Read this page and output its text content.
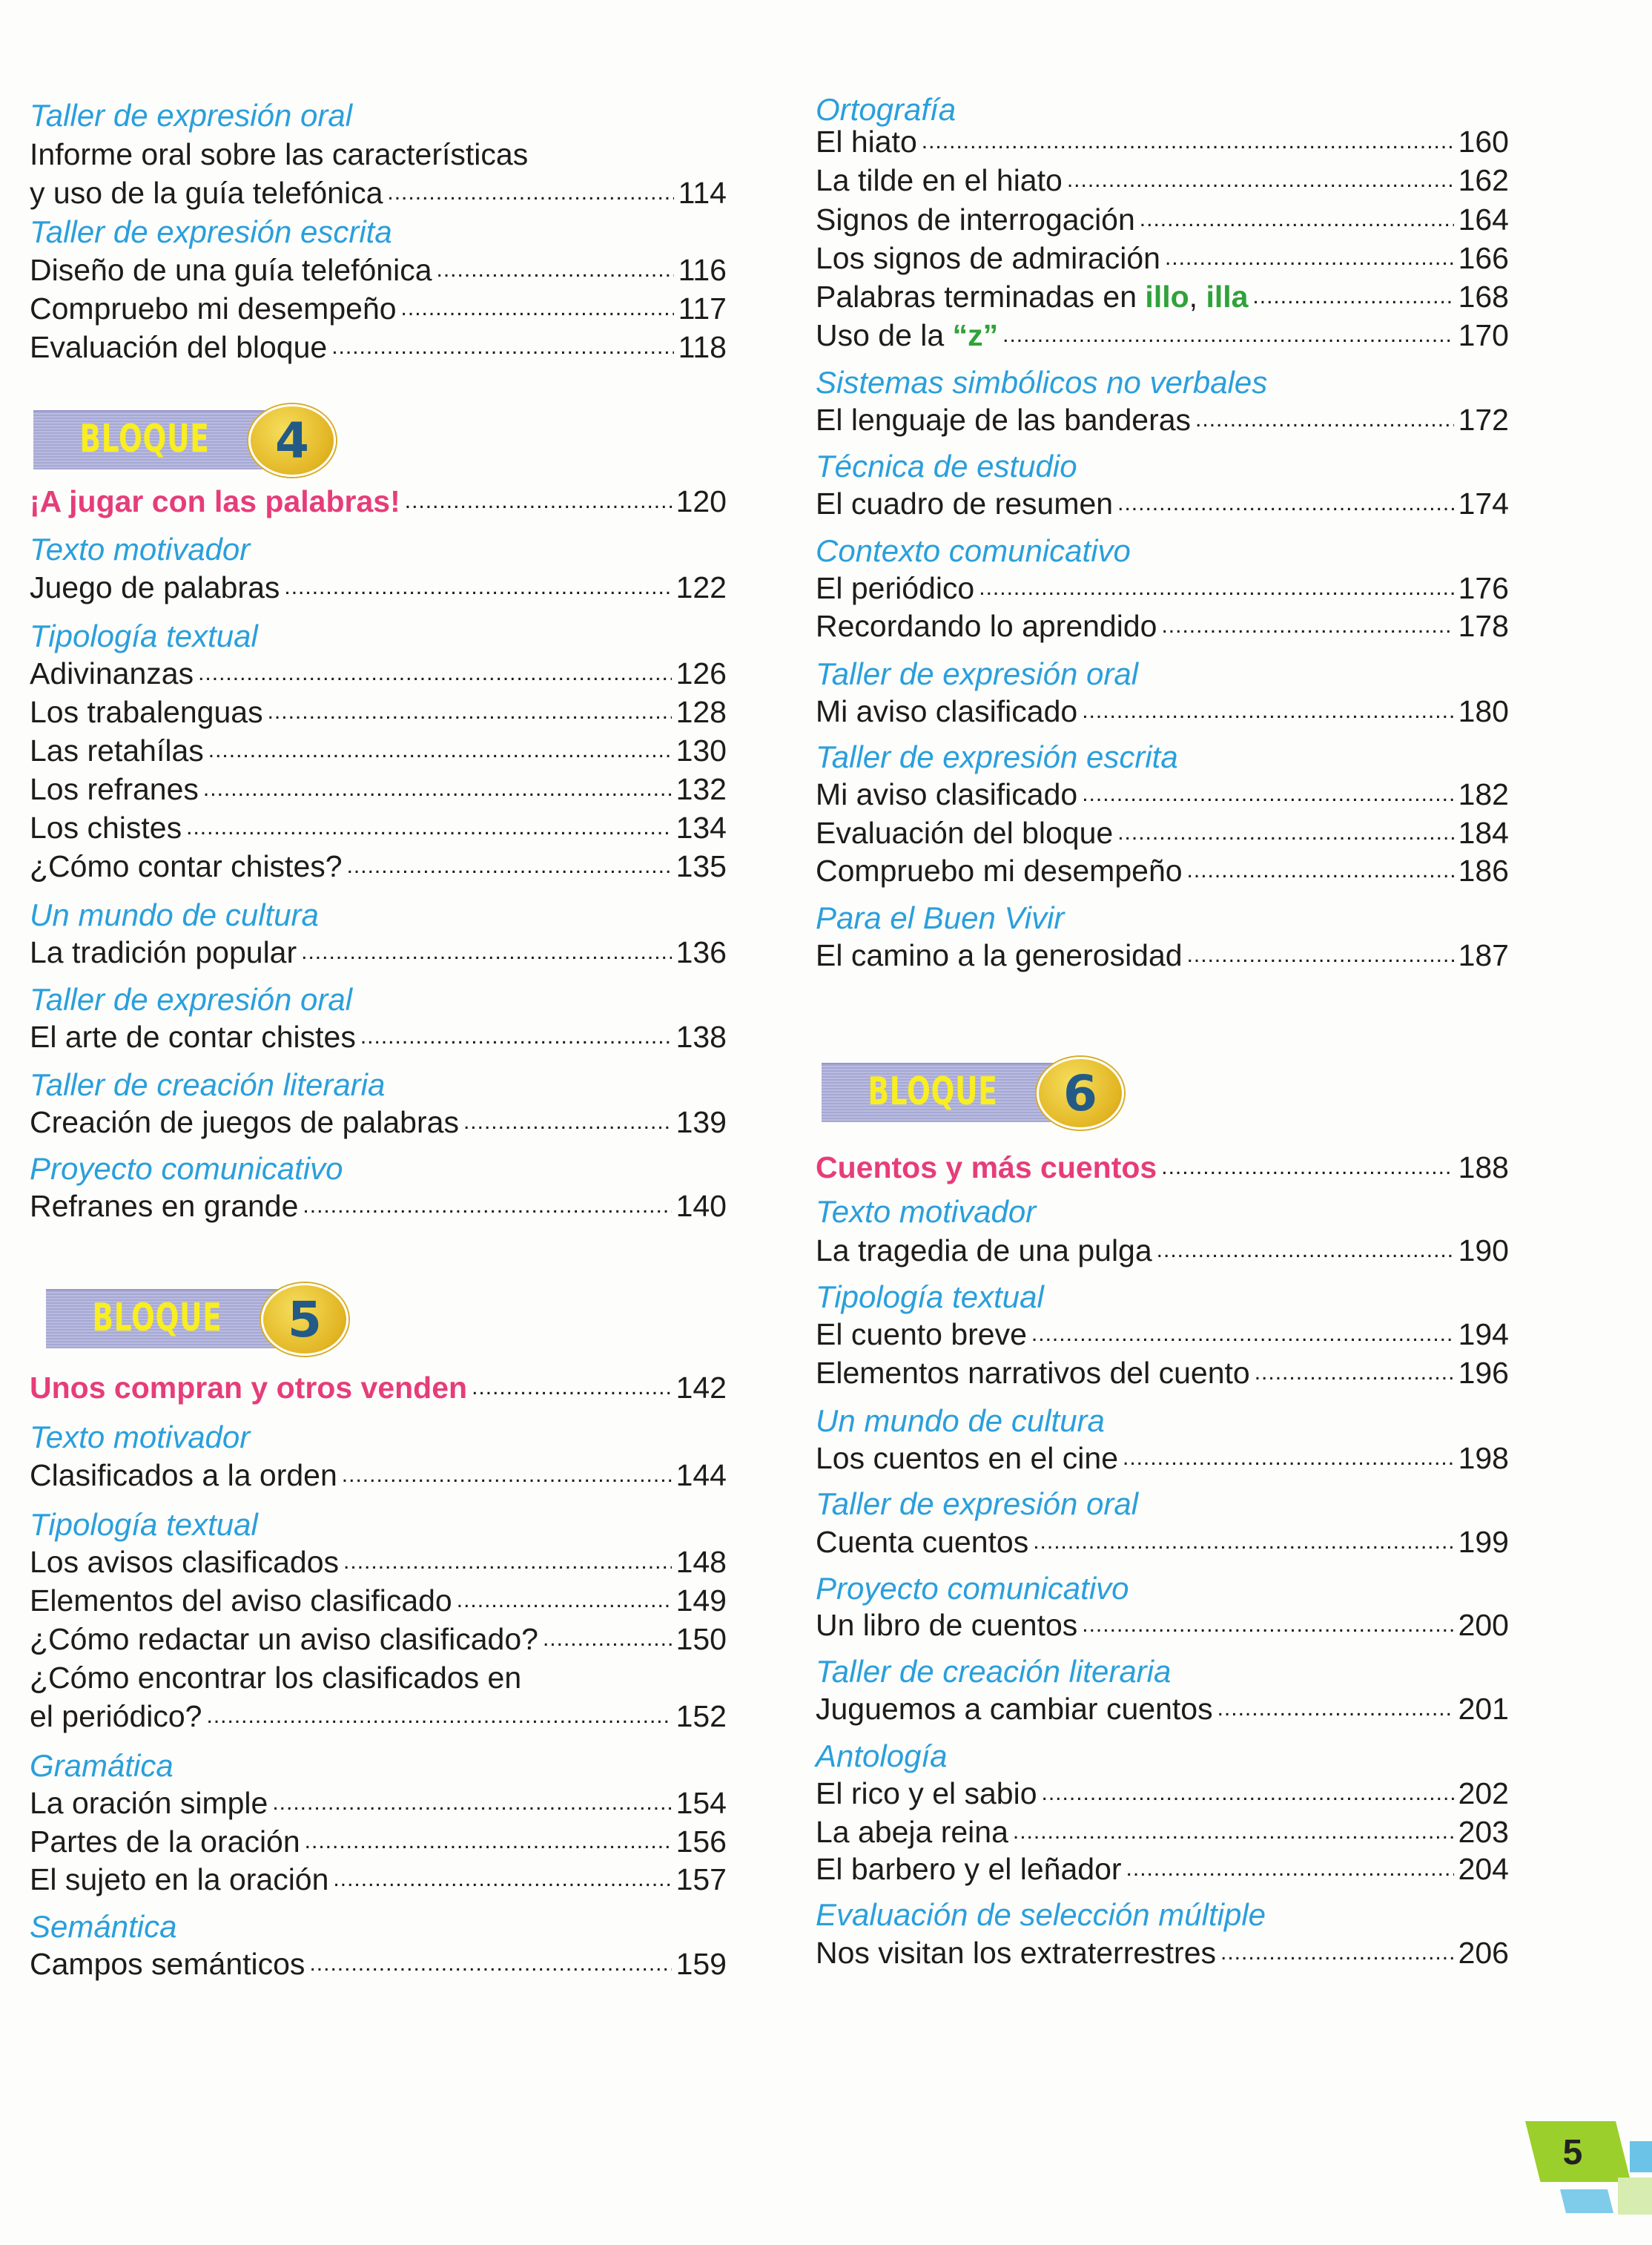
Taller de expresión oral
Informe oral sobre las características
y uso de la guía telefónica .....	114
Taller de expresión escrita
Diseño de una guía telefónica .....	116
Compruebo mi desempeño .....	117
Evaluación del bloque .....	118
BLOQUE	4
¡A jugar con las palabras! .....	120
Texto motivador
Juego de palabras .....	122
Tipología textual
Adivinanzas .....	126
Los trabalenguas .....	128
Las retahílas .....	130
Los refranes .....	132
Los chistes .....	134
¿Cómo contar chistes? .....	135
Un mundo de cultura
La tradición popular .....	136
Taller de expresión oral
El arte de contar chistes .....	138
Taller de creación literaria
Creación de juegos de palabras .....	139
Proyecto comunicativo
Refranes en grande .....	140
BLOQUE	5
Unos compran y otros venden .....	142
Texto motivador
Clasificados a la orden .....	144
Tipología textual
Los avisos clasificados .....	148
Elementos del aviso clasificado .....	149
¿Cómo redactar un aviso clasificado? .....	150
¿Cómo encontrar los clasificados en
el periódico? .....	152
Gramática
La oración simple .....	154
Partes de la oración .....	156
El sujeto en la oración .....	157
Semántica
Campos semánticos .....	159
Ortografía
El hiato .....	160
La tilde en el hiato .....	162
Signos de interrogación .....	164
Los signos de admiración .....	166
Palabras terminadas en illo, illa .....	168
Uso de la “z” .....	170
Sistemas simbólicos no verbales
El lenguaje de las banderas .....	172
Técnica de estudio
El cuadro de resumen .....	174
Contexto comunicativo
El periódico .....	176
Recordando lo aprendido .....	178
Taller de expresión oral
Mi aviso clasificado .....	180
Taller de expresión escrita
Mi aviso clasificado .....	182
Evaluación del bloque .....	184
Compruebo mi desempeño .....	186
Para el Buen Vivir
El camino a la generosidad .....	187
BLOQUE	6
Cuentos y más cuentos .....	188
Texto motivador
La tragedia de una pulga .....	190
Tipología textual
El cuento breve .....	194
Elementos narrativos del cuento .....	196
Un mundo de cultura
Los cuentos en el cine .....	198
Taller de expresión oral
Cuenta cuentos .....	199
Proyecto comunicativo
Un libro de cuentos .....	200
Taller de creación literaria
Juguemos a cambiar cuentos .....	201
Antología
El rico y el sabio .....	202
La abeja reina .....	203
El barbero y el leñador .....	204
Evaluación de selección múltiple
Nos visitan los extraterrestres .....	206
5
